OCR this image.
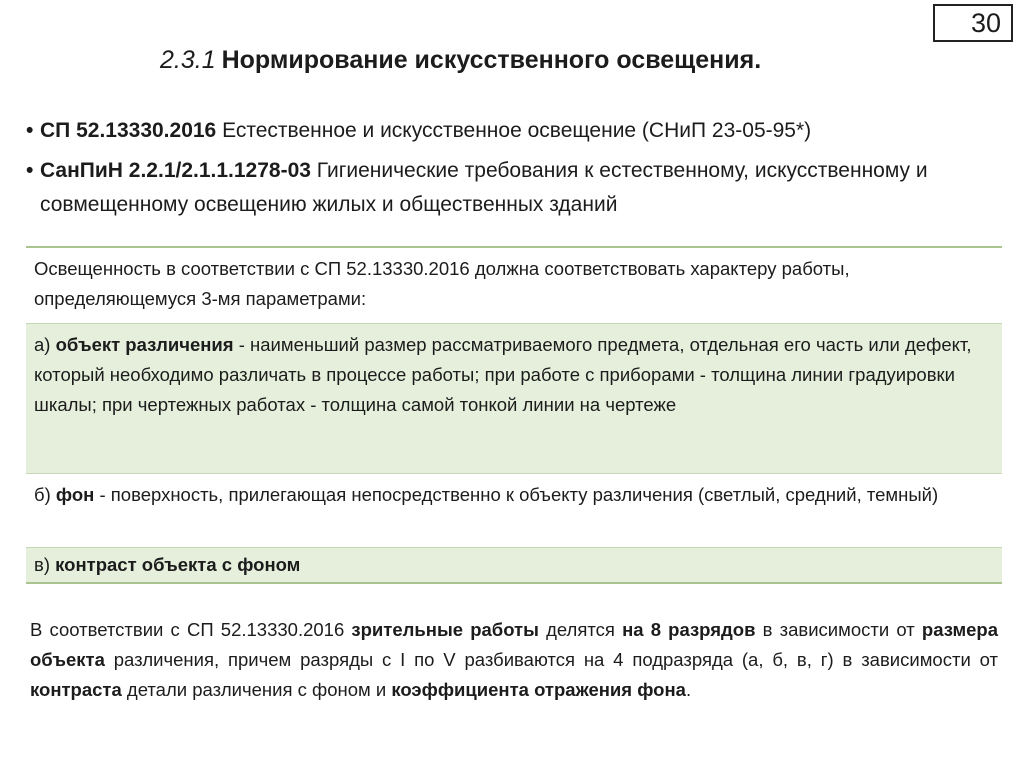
30
2.3.1 Нормирование искусственного освещения.
• СП 52.13330.2016 Естественное и искусственное освещение (СНиП 23-05-95*)
• СанПиН 2.2.1/2.1.1.1278-03 Гигиенические требования к естественному, искусственному и совмещенному освещению жилых и общественных зданий
Освещенность в соответствии с СП 52.13330.2016 должна соответствовать характеру работы, определяющемуся 3-мя параметрами:
а) объект различения - наименьший размер рассматриваемого предмета, отдельная его часть или дефект, который необходимо различать в процессе работы; при работе с приборами - толщина линии градуировки шкалы; при чертежных работах - толщина самой тонкой линии на чертеже
б) фон - поверхность, прилегающая непосредственно к объекту различения (светлый, средний, темный)
в) контраст объекта с фоном
В соответствии с СП 52.13330.2016 зрительные работы делятся на 8 разрядов в зависимости от размера объекта различения, причем разряды с I по V разбиваются на 4 подразряда (а, б, в, г) в зависимости от контраста детали различения с фоном и коэффициента отражения фона.
